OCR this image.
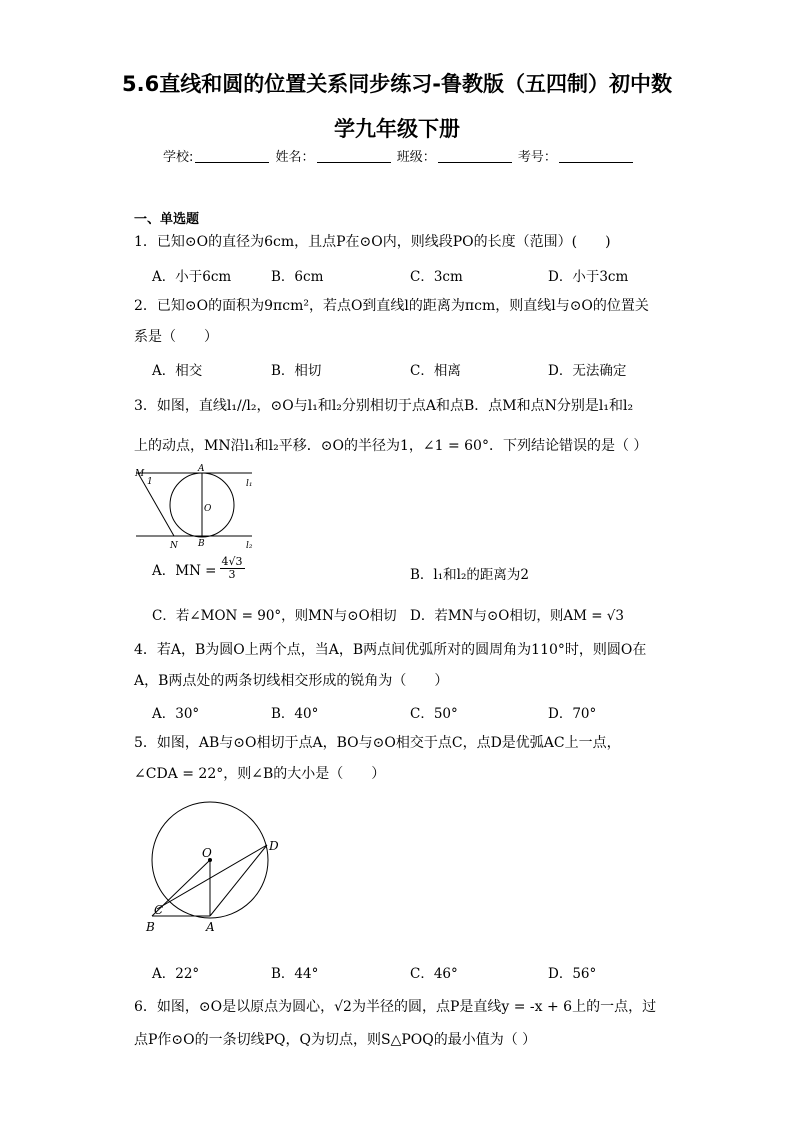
5.6直线和圆的位置关系同步练习-鲁教版（五四制）初中数
学九年级下册
学校:	姓名：	班级：	考号：
一、单选题
1．已知⊙O的直径为6cm，且点P在⊙O内，则线段PO的长度（范围）(　　)
A．小于6cm	B．6cm	C．3cm	D．小于3cm
2．已知⊙O的面积为9πcm²，若点O到直线l的距离为πcm，则直线l与⊙O的位置关
系是（　　）
A．相交	B．相切	C．相离	D．无法确定
3．如图，直线l₁//l₂，⊙O与l₁和l₂分别相切于点A和点B．点M和点N分别是l₁和l₂
上的动点，MN沿l₁和l₂平移．⊙O的半径为1，∠1 = 60°．下列结论错误的是（ ）
M
1
A
l₁
O
N B	l₂
A．MN = $\frac{4√3}{3}$	B．l₁和l₂的距离为2
C．若∠MON = 90°，则MN与⊙O相切 D．若MN与⊙O相切，则AM = √3
4．若A，B为圆O上两个点，当A，B两点间优弧所对的圆周角为110°时，则圆O在
A，B两点处的两条切线相交形成的锐角为（　　）
A．30°	B．40°	C．50°	D．70°
5．如图，AB与⊙O相切于点A，BO与⊙O相交于点C，点D是优弧AC上一点，
∠CDA = 22°，则∠B的大小是（　　）
O	D
C
B	A
A．22°	B．44°	C．46°	D．56°
6．如图，⊙O是以原点为圆心，√2为半径的圆，点P是直线y = -x + 6上的一点，过
点P作⊙O的一条切线PQ，Q为切点，则S△POQ的最小值为（ ）
